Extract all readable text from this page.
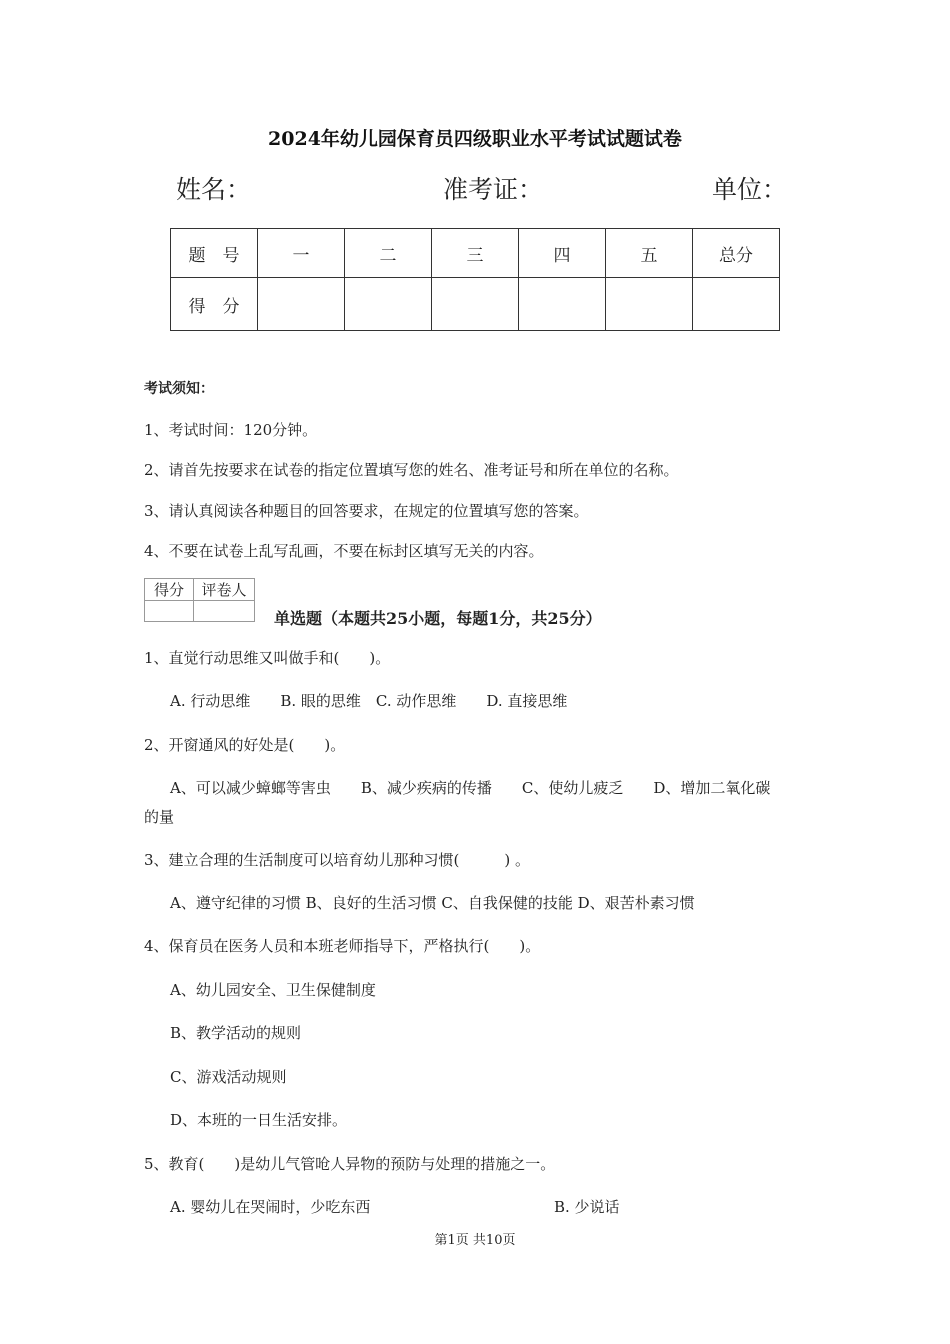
2024年幼儿园保育员四级职业水平考试试题试卷
姓名：	准考证：	单位：
题　号	一	二	三	四	五	总分
得　分						
考试须知：
1、考试时间：120分钟。
2、请首先按要求在试卷的指定位置填写您的姓名、准考证号和所在单位的名称。
3、请认真阅读各种题目的回答要求，在规定的位置填写您的答案。
4、不要在试卷上乱写乱画，不要在标封区填写无关的内容。
得分	评卷人

单选题（本题共25小题，每题1分，共25分）
1、直觉行动思维又叫做手和(　　)。
A. 行动思维　　B. 眼的思维　C. 动作思维　　D. 直接思维
2、开窗通风的好处是(　　)。
A、可以减少蟑螂等害虫　　B、减少疾病的传播　　C、使幼儿疲乏　　D、增加二氧化碳
的量
3、建立合理的生活制度可以培育幼儿那种习惯(　　　) 。
A、遵守纪律的习惯 B、良好的生活习惯 C、自我保健的技能 D、艰苦朴素习惯
4、保育员在医务人员和本班老师指导下，严格执行(　　)。
A、幼儿园安全、卫生保健制度
B、教学活动的规则
C、游戏活动规则
D、本班的一日生活安排。
5、教育(　　)是幼儿气管呛人异物的预防与处理的措施之一。
A. 婴幼儿在哭闹时，少吃东西	B. 少说话
第1页 共10页
